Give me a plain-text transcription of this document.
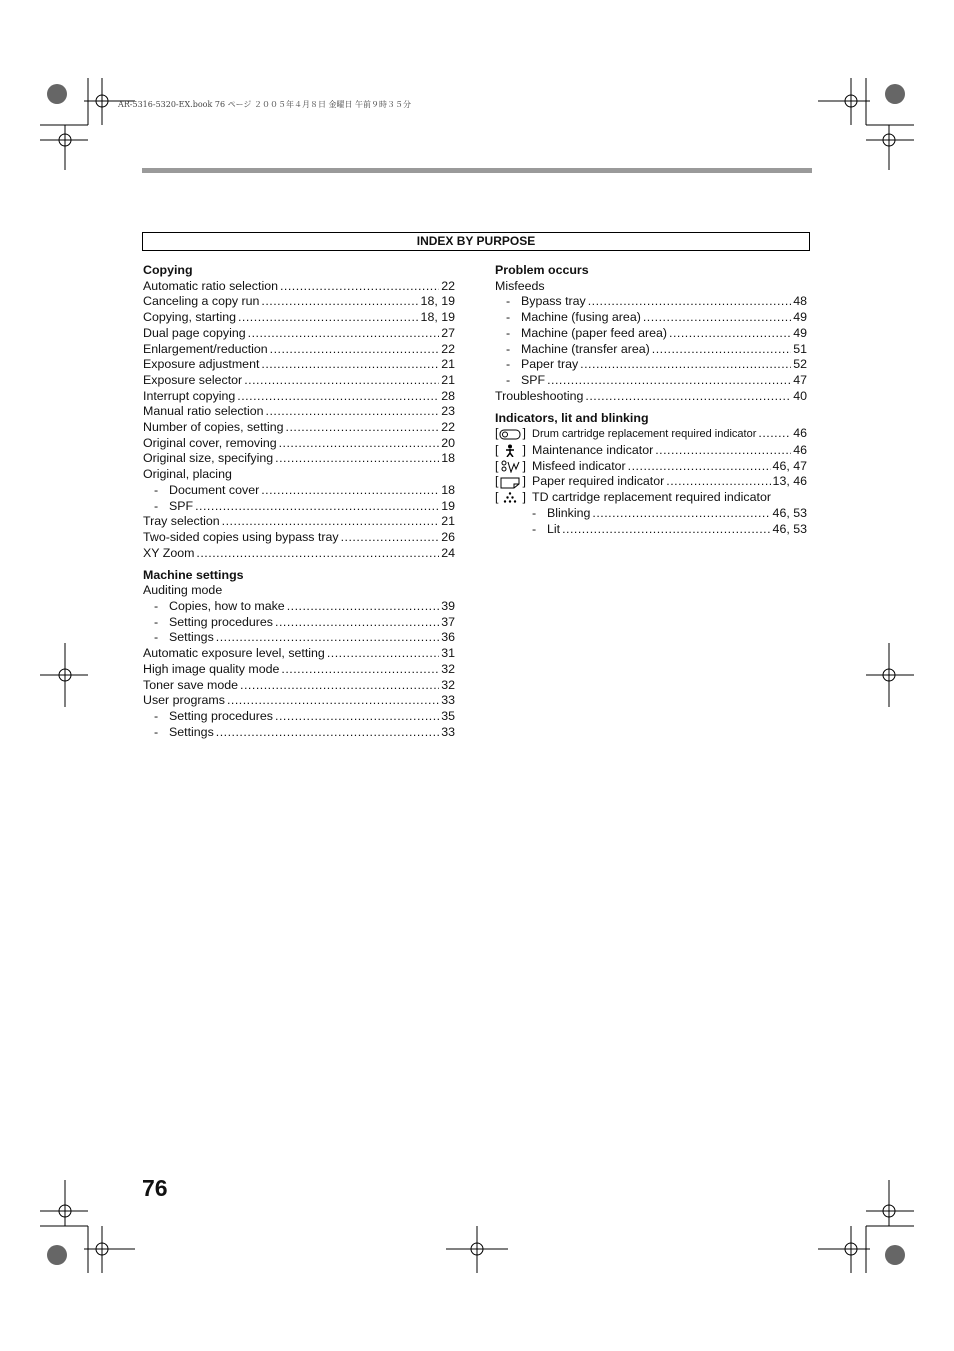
AR-5316-5320-EX.book 76 ページ ２００５年４月８日 金曜日 午前９時３５分
INDEX BY PURPOSE
Copying
Automatic ratio selection .....	22
Canceling a copy run .....	18, 19
Copying, starting .....	18, 19
Dual page copying .....	27
Enlargement/reduction .....	22
Exposure adjustment .....	21
Exposure selector .....	21
Interrupt copying .....	28
Manual ratio selection .....	23
Number of copies, setting .....	22
Original cover, removing .....	20
Original size, specifying .....	18
Original, placing
- Document cover .....	18
- SPF .....	19
Tray selection .....	21
Two-sided copies using bypass tray .....	26
XY Zoom .....	24
Machine settings
Auditing mode
- Copies, how to make .....	39
- Setting procedures .....	37
- Settings .....	36
Automatic exposure level, setting .....	31
High image quality mode .....	32
Toner save mode .....	32
User programs .....	33
- Setting procedures .....	35
- Settings .....	33
Problem occurs
Misfeeds
- Bypass tray .....	48
- Machine (fusing area) .....	49
- Machine (paper feed area) .....	49
- Machine (transfer area) .....	51
- Paper tray .....	52
- SPF .....	47
Troubleshooting .....	40
Indicators, lit and blinking
[ ] Drum cartridge replacement required indicator .....	46
[ ] Maintenance indicator .....	46
[ ] Misfeed indicator .....	46, 47
[ ] Paper required indicator .....	13, 46
[ ] TD cartridge replacement required indicator
- Blinking .....	46, 53
- Lit .....	46, 53
76
